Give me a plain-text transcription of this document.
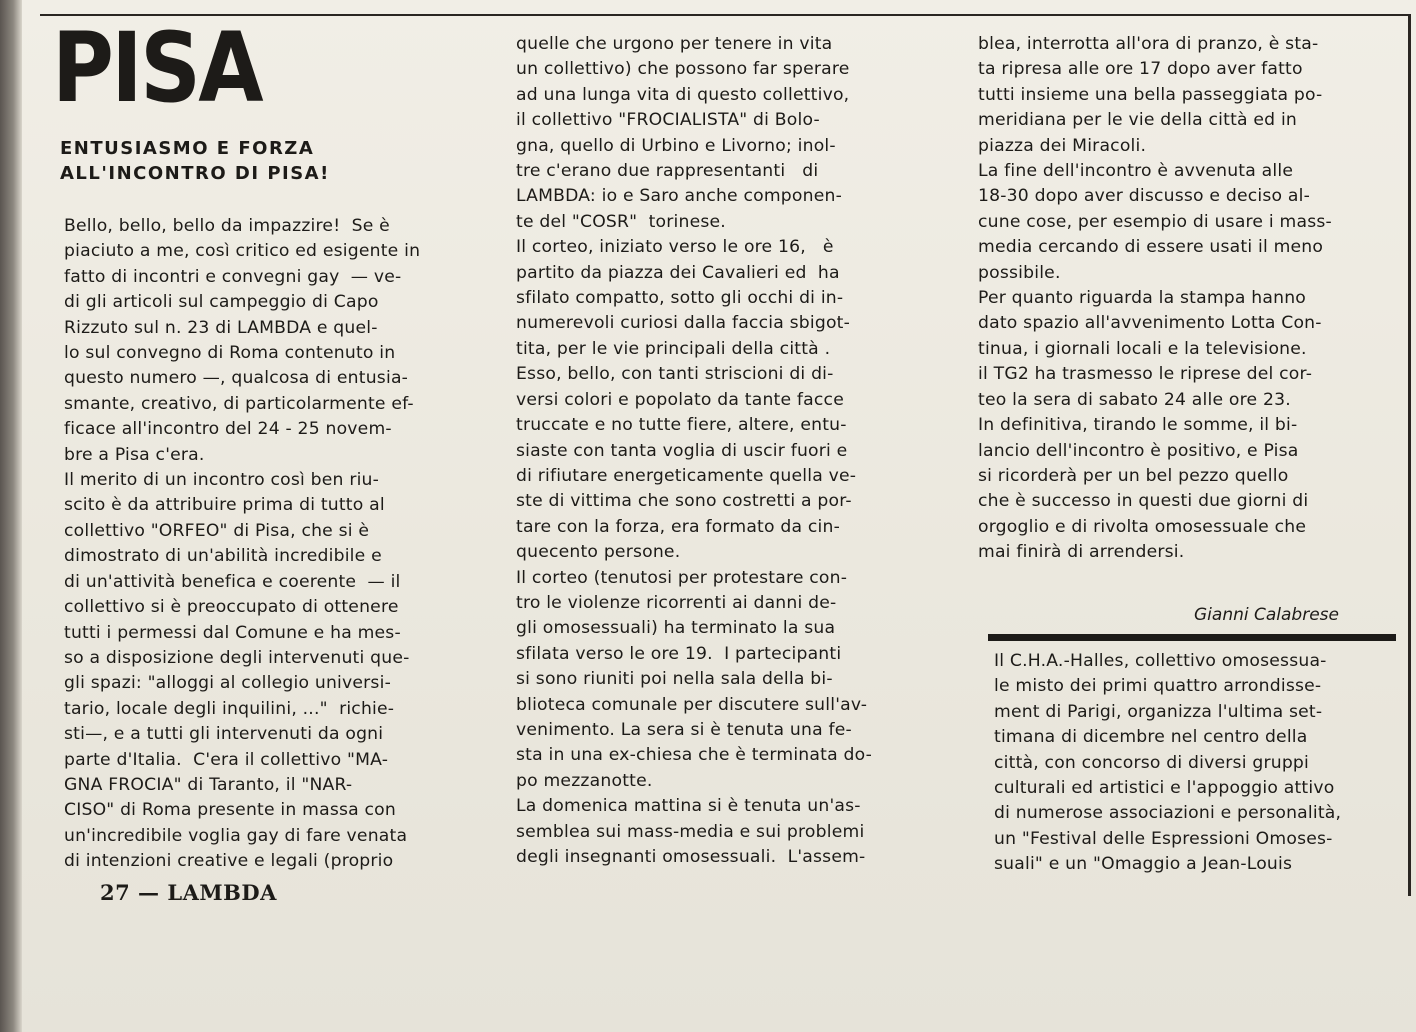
PISA
ENTUSIASMO E FORZA
ALL'INCONTRO DI PISA!
Bello, bello, bello da impazzire!  Se è
piaciuto a me, così critico ed esigente in
fatto di incontri e convegni gay  — ve-
di gli articoli sul campeggio di Capo
Rizzuto sul n. 23 di LAMBDA e quel-
lo sul convegno di Roma contenuto in
questo numero —, qualcosa di entusia-
smante, creativo, di particolarmente ef-
ficace all'incontro del 24 - 25 novem-
bre a Pisa c'era.
Il merito di un incontro così ben riu-
scito è da attribuire prima di tutto al
collettivo "ORFEO" di Pisa, che si è
dimostrato di un'abilità incredibile e
di un'attività benefica e coerente  — il
collettivo si è preoccupato di ottenere
tutti i permessi dal Comune e ha mes-
so a disposizione degli intervenuti que-
gli spazi: "alloggi al collegio universi-
tario, locale degli inquilini, ..."  richie-
sti—, e a tutti gli intervenuti da ogni
parte d'Italia.  C'era il collettivo "MA-
GNA FROCIA" di Taranto, il "NAR-
CISO" di Roma presente in massa con
un'incredibile voglia gay di fare venata
di intenzioni creative e legali (proprio
quelle che urgono per tenere in vita
un collettivo) che possono far sperare
ad una lunga vita di questo collettivo,
il collettivo "FROCIALISTA" di Bolo-
gna, quello di Urbino e Livorno; inol-
tre c'erano due rappresentanti   di
LAMBDA: io e Saro anche componen-
te del "COSR"  torinese.
Il corteo, iniziato verso le ore 16,   è
partito da piazza dei Cavalieri ed  ha
sfilato compatto, sotto gli occhi di in-
numerevoli curiosi dalla faccia sbigot-
tita, per le vie principali della città .
Esso, bello, con tanti striscioni di di-
versi colori e popolato da tante facce
truccate e no tutte fiere, altere, entu-
siaste con tanta voglia di uscir fuori e
di rifiutare energeticamente quella ve-
ste di vittima che sono costretti a por-
tare con la forza, era formato da cin-
quecento persone.
Il corteo (tenutosi per protestare con-
tro le violenze ricorrenti ai danni de-
gli omosessuali) ha terminato la sua
sfilata verso le ore 19.  I partecipanti
si sono riuniti poi nella sala della bi-
blioteca comunale per discutere sull'av-
venimento. La sera si è tenuta una fe-
sta in una ex-chiesa che è terminata do-
po mezzanotte.
La domenica mattina si è tenuta un'as-
semblea sui mass-media e sui problemi
degli insegnanti omosessuali.  L'assem-
blea, interrotta all'ora di pranzo, è sta-
ta ripresa alle ore 17 dopo aver fatto
tutti insieme una bella passeggiata po-
meridiana per le vie della città ed in
piazza dei Miracoli.
La fine dell'incontro è avvenuta alle
18-30 dopo aver discusso e deciso al-
cune cose, per esempio di usare i mass-
media cercando di essere usati il meno
possibile.
Per quanto riguarda la stampa hanno
dato spazio all'avvenimento Lotta Con-
tinua, i giornali locali e la televisione.
il TG2 ha trasmesso le riprese del cor-
teo la sera di sabato 24 alle ore 23.
In definitiva, tirando le somme, il bi-
lancio dell'incontro è positivo, e Pisa
si ricorderà per un bel pezzo quello
che è successo in questi due giorni di
orgoglio e di rivolta omosessuale che
mai finirà di arrendersi.
Gianni Calabrese
Il C.H.A.-Halles, collettivo omosessua-
le misto dei primi quattro arrondisse-
ment di Parigi, organizza l'ultima set-
timana di dicembre nel centro della
città, con concorso di diversi gruppi
culturali ed artistici e l'appoggio attivo
di numerose associazioni e personalità,
un "Festival delle Espressioni Omoses-
suali" e un "Omaggio a Jean-Louis
27 — LAMBDA
